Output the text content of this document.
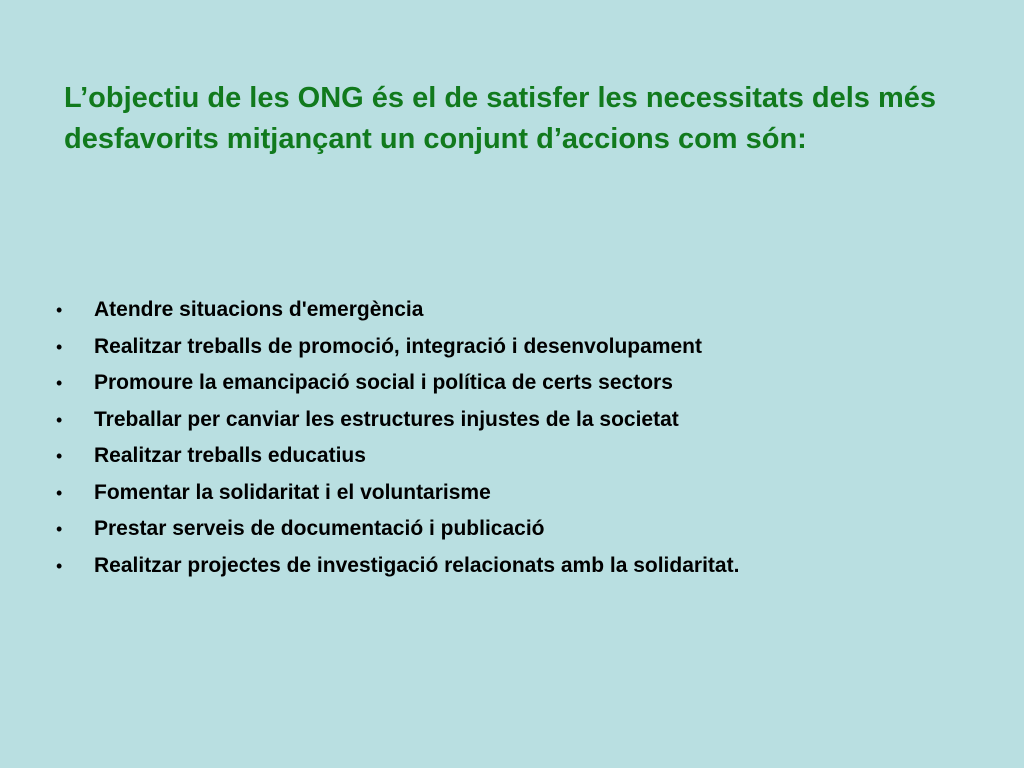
L’objectiu de les ONG és el de satisfer les necessitats dels més desfavorits mitjançant un conjunt d’accions com són:
•	Atendre situacions d'emergència
•	Realitzar treballs de promoció, integració i desenvolupament
•	Promoure la emancipació social i política de certs sectors
•	Treballar per canviar les estructures injustes de la societat
•	Realitzar treballs educatius
•	Fomentar la solidaritat i el voluntarisme
•	Prestar serveis de documentació i publicació
•	Realitzar projectes de investigació relacionats amb la solidaritat.
